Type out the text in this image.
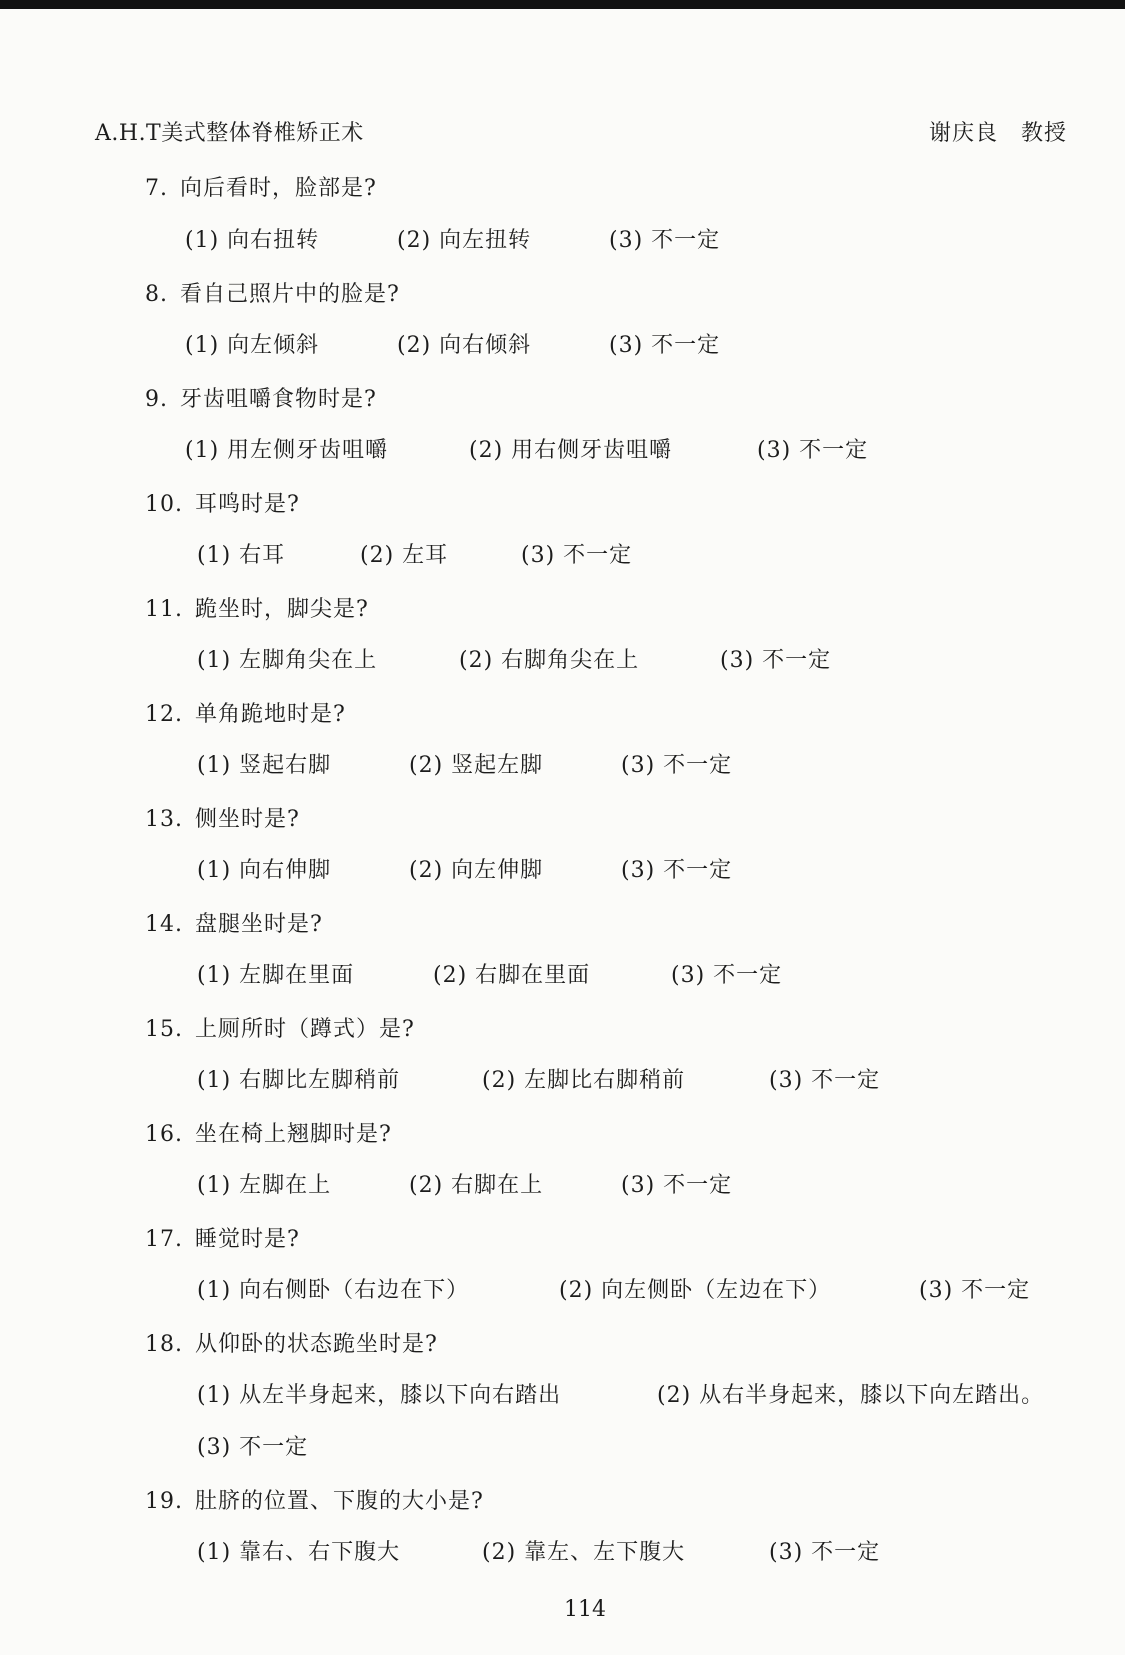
A.H.T美式整体脊椎矫正术	谢庆良　教授
7. 向后看时，脸部是?
(1) 向右扭转	(2) 向左扭转	(3) 不一定
8. 看自己照片中的脸是?
(1) 向左倾斜	(2) 向右倾斜	(3) 不一定
9. 牙齿咀嚼食物时是?
(1) 用左侧牙齿咀嚼	(2) 用右侧牙齿咀嚼	(3) 不一定
10. 耳鸣时是?
(1) 右耳	(2) 左耳	(3) 不一定
11. 跪坐时，脚尖是?
(1) 左脚角尖在上	(2) 右脚角尖在上	(3) 不一定
12. 单角跪地时是?
(1) 竖起右脚	(2) 竖起左脚	(3) 不一定
13. 侧坐时是?
(1) 向右伸脚	(2) 向左伸脚	(3) 不一定
14. 盘腿坐时是?
(1) 左脚在里面	(2) 右脚在里面	(3) 不一定
15. 上厕所时（蹲式）是?
(1) 右脚比左脚稍前	(2) 左脚比右脚稍前	(3) 不一定
16. 坐在椅上翘脚时是?
(1) 左脚在上	(2) 右脚在上	(3) 不一定
17. 睡觉时是?
(1) 向右侧卧（右边在下）	(2) 向左侧卧（左边在下）	(3) 不一定
18. 从仰卧的状态跪坐时是?
(1) 从左半身起来，膝以下向右踏出	(2) 从右半身起来，膝以下向左踏出。
(3) 不一定
19. 肚脐的位置、下腹的大小是?
(1) 靠右、右下腹大	(2) 靠左、左下腹大	(3) 不一定
114
